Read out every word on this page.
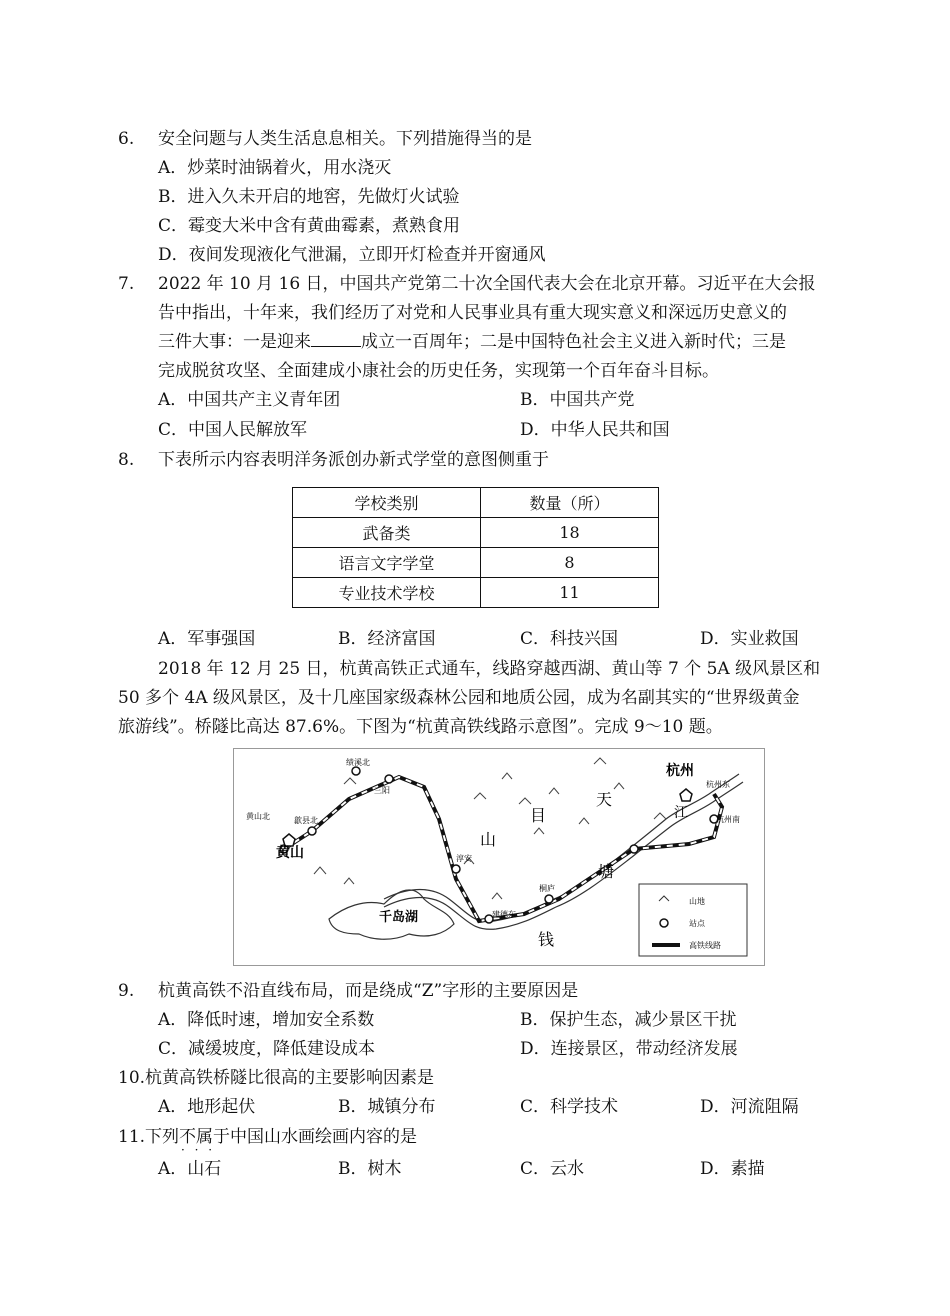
6. 安全问题与人类生活息息相关。下列措施得当的是
A．炒菜时油锅着火，用水浇灭
B．进入久未开启的地窖，先做灯火试验
C．霉变大米中含有黄曲霉素，煮熟食用
D．夜间发现液化气泄漏，立即开灯检查并开窗通风
7. 2022 年 10 月 16 日，中国共产党第二十次全国代表大会在北京开幕。习近平在大会报
告中指出，十年来，我们经历了对党和人民事业具有重大现实意义和深远历史意义的
三件大事：一是迎来	成立一百周年；二是中国特色社会主义进入新时代；三是
完成脱贫攻坚、全面建成小康社会的历史任务，实现第一个百年奋斗目标。
A．中国共产主义青年团	B．中国共产党
C．中国人民解放军	D．中华人民共和国
8. 下表所示内容表明洋务派创办新式学堂的意图侧重于
学校类别	数量（所）
武备类	18
语言文字学堂	8
专业技术学校	11
A．军事强国	B．经济富国	C．科技兴国	D．实业救国
2018 年 12 月 25 日，杭黄高铁正式通车，线路穿越西湖、黄山等 7 个 5A 级风景区和
50 多个 4A 级风景区，及十几座国家级森林公园和地质公园，成为名副其实的“世界级黄金
旅游线”。桥隧比高达 87.6%。下图为“杭黄高铁线路示意图”。完成 9～10 题。
黄山北	歙县北
绩溪北
三阳
淳安
建德东
桐庐
杭州东
杭州南
黄山
杭州
千岛湖
天
目
山
江
塘
钱
山地
站点
高铁线路
9. 杭黄高铁不沿直线布局，而是绕成“Z”字形的主要原因是
A．降低时速，增加安全系数	B．保护生态，减少景区干扰
C．减缓坡度，降低建设成本	D．连接景区，带动经济发展
10.杭黄高铁桥隧比很高的主要影响因素是
A．地形起伏	B．城镇分布	C．科学技术	D．河流阻隔
11.下列不属于 · · ·中国山水画绘画内容的是
A．山石	B．树木	C．云水	D．素描
